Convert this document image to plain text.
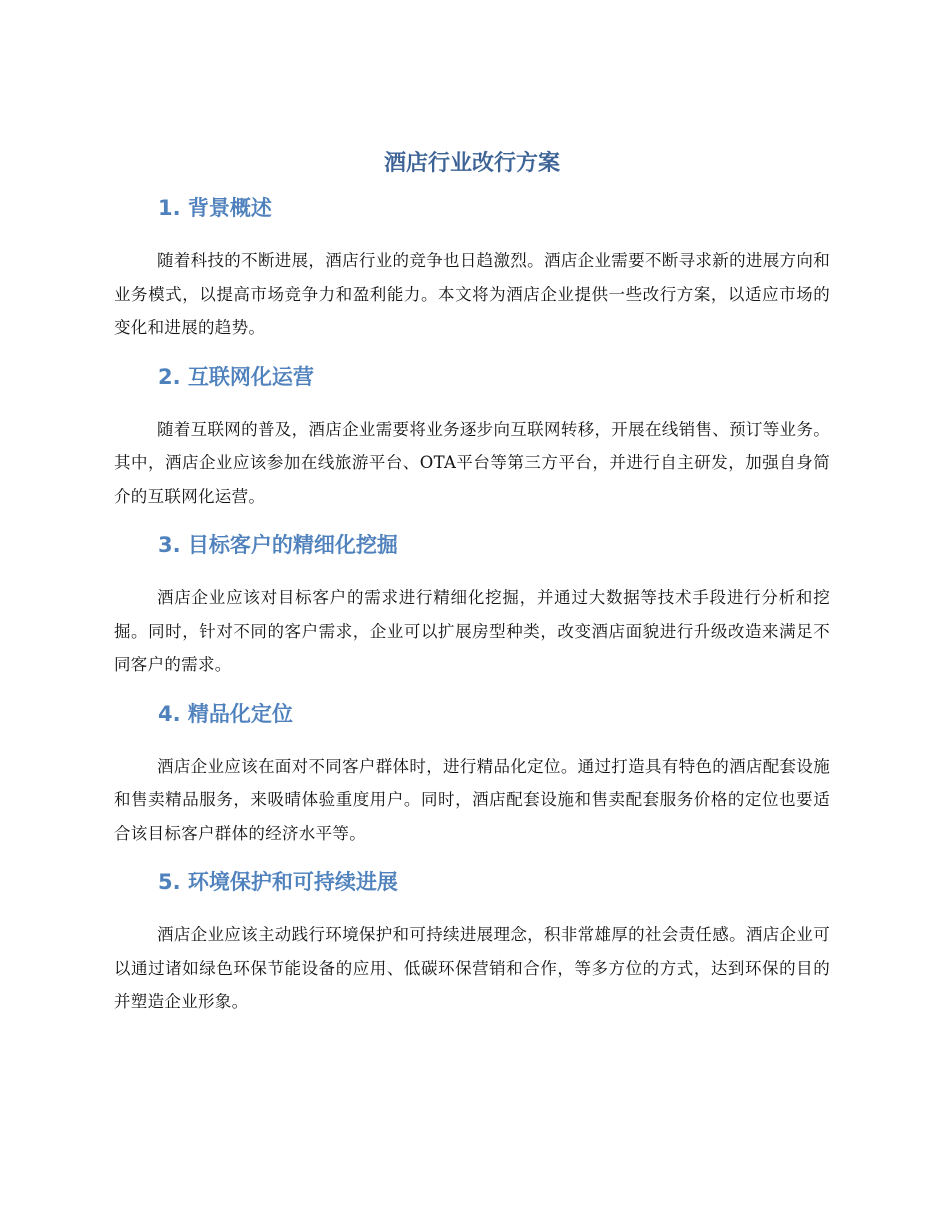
酒店行业改行方案
1. 背景概述

随着科技的不断进展，酒店行业的竞争也日趋激烈。酒店企业需要不断寻求新的进展方向和业务模式，以提高市场竞争力和盈利能力。本文将为酒店企业提供一些改行方案，以适应市场的变化和进展的趋势。

2. 互联网化运营

随着互联网的普及，酒店企业需要将业务逐步向互联网转移，开展在线销售、预订等业务。其中，酒店企业应该参加在线旅游平台、OTA平台等第三方平台，并进行自主研发，加强自身简介的互联网化运营。

3. 目标客户的精细化挖掘

酒店企业应该对目标客户的需求进行精细化挖掘，并通过大数据等技术手段进行分析和挖掘。同时，针对不同的客户需求，企业可以扩展房型种类，改变酒店面貌进行升级改造来满足不同客户的需求。

4. 精品化定位

酒店企业应该在面对不同客户群体时，进行精品化定位。通过打造具有特色的酒店配套设施和售卖精品服务，来吸晴体验重度用户。同时，酒店配套设施和售卖配套服务价格的定位也要适合该目标客户群体的经济水平等。

5. 环境保护和可持续进展

酒店企业应该主动践行环境保护和可持续进展理念，积非常雄厚的社会责任感。酒店企业可以通过诸如绿色环保节能设备的应用、低碳环保营销和合作，等多方位的方式，达到环保的目的并塑造企业形象。
